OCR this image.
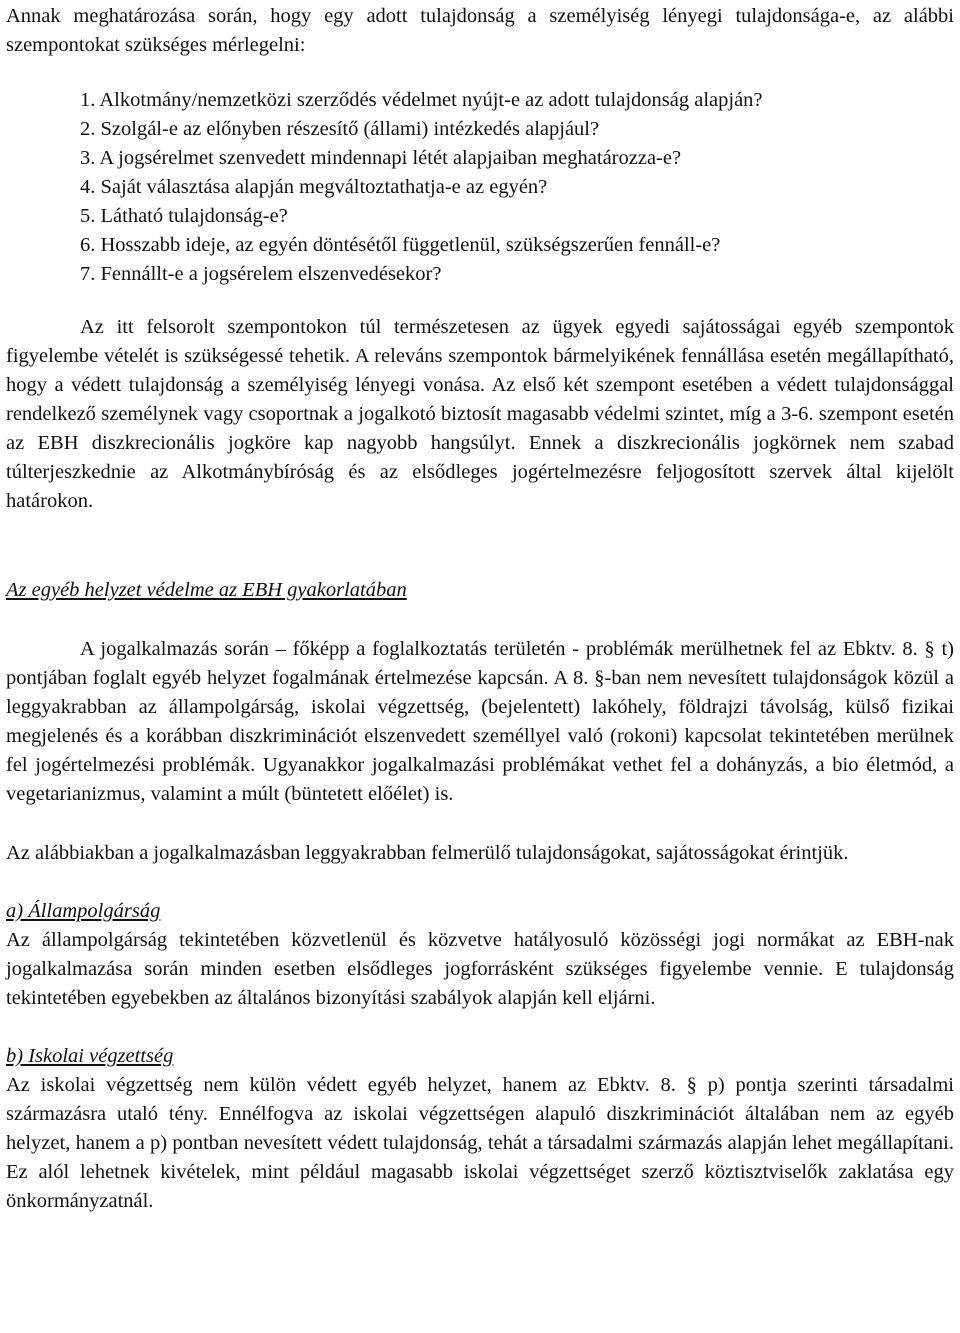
Annak meghatározása során, hogy egy adott tulajdonság a személyiség lényegi tulajdonsága-e, az alábbi szempontokat szükséges mérlegelni:

1. Alkotmány/nemzetközi szerződés védelmet nyújt-e az adott tulajdonság alapján?
2. Szolgál-e az előnyben részesítő (állami) intézkedés alapjául?
3. A jogsérelmet szenvedett mindennapi létét alapjaiban meghatározza-e?
4. Saját választása alapján megváltoztathatja-e az egyén?
5. Látható tulajdonság-e?
6. Hosszabb ideje, az egyén döntésétől függetlenül, szükségszerűen fennáll-e?
7. Fennállt-e a jogsérelem elszenvedésekor?

Az itt felsorolt szempontokon túl természetesen az ügyek egyedi sajátosságai egyéb szempontok figyelembe vételét is szükségessé tehetik. A releváns szempontok bármelyikének fennállása esetén megállapítható, hogy a védett tulajdonság a személyiség lényegi vonása. Az első két szempont esetében a védett tulajdonsággal rendelkező személynek vagy csoportnak a jogalkotó biztosít magasabb védelmi szintet, míg a 3-6. szempont esetén az EBH diszkrecionális jogköre kap nagyobb hangsúlyt. Ennek a diszkrecionális jogkörnek nem szabad túlterjeszkednie az Alkotmánybíróság és az elsődleges jogértelmezésre feljogosított szervek által kijelölt határokon.

Az egyéb helyzet védelme az EBH gyakorlatában

A jogalkalmazás során – főképp a foglalkoztatás területén - problémák merülhetnek fel az Ebktv. 8. § t) pontjában foglalt egyéb helyzet fogalmának értelmezése kapcsán. A 8. §-ban nem nevesített tulajdonságok közül a leggyakrabban az állampolgárság, iskolai végzettség, (bejelentett) lakóhely, földrajzi távolság, külső fizikai megjelenés és a korábban diszkriminációt elszenvedett személlyel való (rokoni) kapcsolat tekintetében merülnek fel jogértelmezési problémák. Ugyanakkor jogalkalmazási problémákat vethet fel a dohányzás, a bio életmód, a vegetarianizmus, valamint a múlt (büntetett előélet) is.

Az alábbiakban a jogalkalmazásban leggyakrabban felmerülő tulajdonságokat, sajátosságokat érintjük.

a) Állampolgárság

Az állampolgárság tekintetében közvetlenül és közvetve hatályosuló közösségi jogi normákat az EBH-nak jogalkalmazása során minden esetben elsődleges jogforrásként szükséges figyelembe vennie. E tulajdonság tekintetében egyebekben az általános bizonyítási szabályok alapján kell eljárni.

b) Iskolai végzettség

Az iskolai végzettség nem külön védett egyéb helyzet, hanem az Ebktv. 8. § p) pontja szerinti társadalmi származásra utaló tény. Ennélfogva az iskolai végzettségen alapuló diszkriminációt általában nem az egyéb helyzet, hanem a p) pontban nevesített védett tulajdonság, tehát a társadalmi származás alapján lehet megállapítani. Ez alól lehetnek kivételek, mint például magasabb iskolai végzettséget szerző köztisztviselők zaklatása egy önkormányzatnál.
